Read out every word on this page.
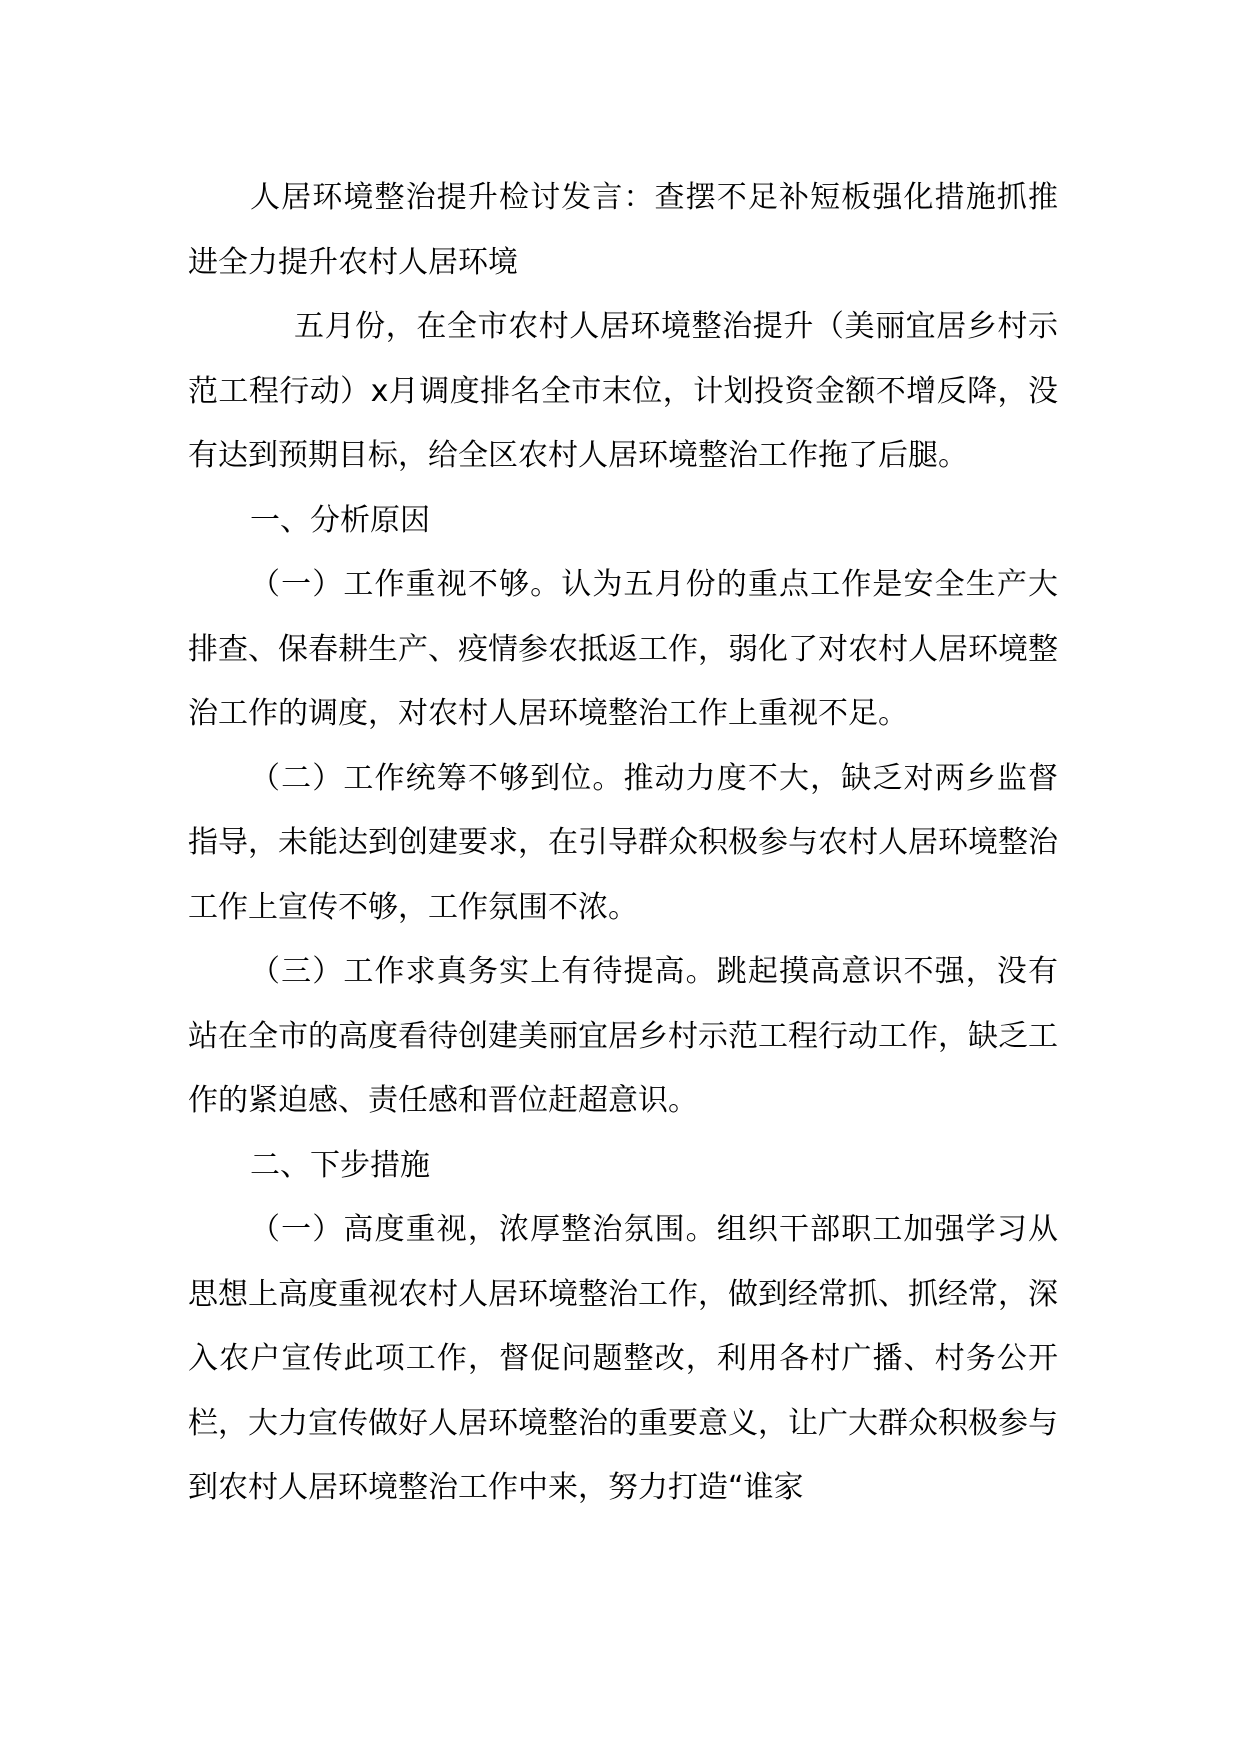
人居环境整治提升检讨发言：查摆不足补短板强化措施抓推进全力提升农村人居环境

五月份，在全市农村人居环境整治提升（美丽宜居乡村示范工程行动）x月调度排名全市末位，计划投资金额不增反降，没有达到预期目标，给全区农村人居环境整治工作拖了后腿。

一、分析原因

（一）工作重视不够。认为五月份的重点工作是安全生产大排查、保春耕生产、疫情参农抵返工作，弱化了对农村人居环境整治工作的调度，对农村人居环境整治工作上重视不足。

（二）工作统筹不够到位。推动力度不大，缺乏对两乡监督指导，未能达到创建要求，在引导群众积极参与农村人居环境整治工作上宣传不够，工作氛围不浓。

（三）工作求真务实上有待提高。跳起摸高意识不强，没有站在全市的高度看待创建美丽宜居乡村示范工程行动工作，缺乏工作的紧迫感、责任感和晋位赶超意识。

二、下步措施

（一）高度重视，浓厚整治氛围。组织干部职工加强学习从思想上高度重视农村人居环境整治工作，做到经常抓、抓经常，深入农户宣传此项工作，督促问题整改，利用各村广播、村务公开栏，大力宣传做好人居环境整治的重要意义，让广大群众积极参与到农村人居环境整治工作中来，努力打造“谁家
